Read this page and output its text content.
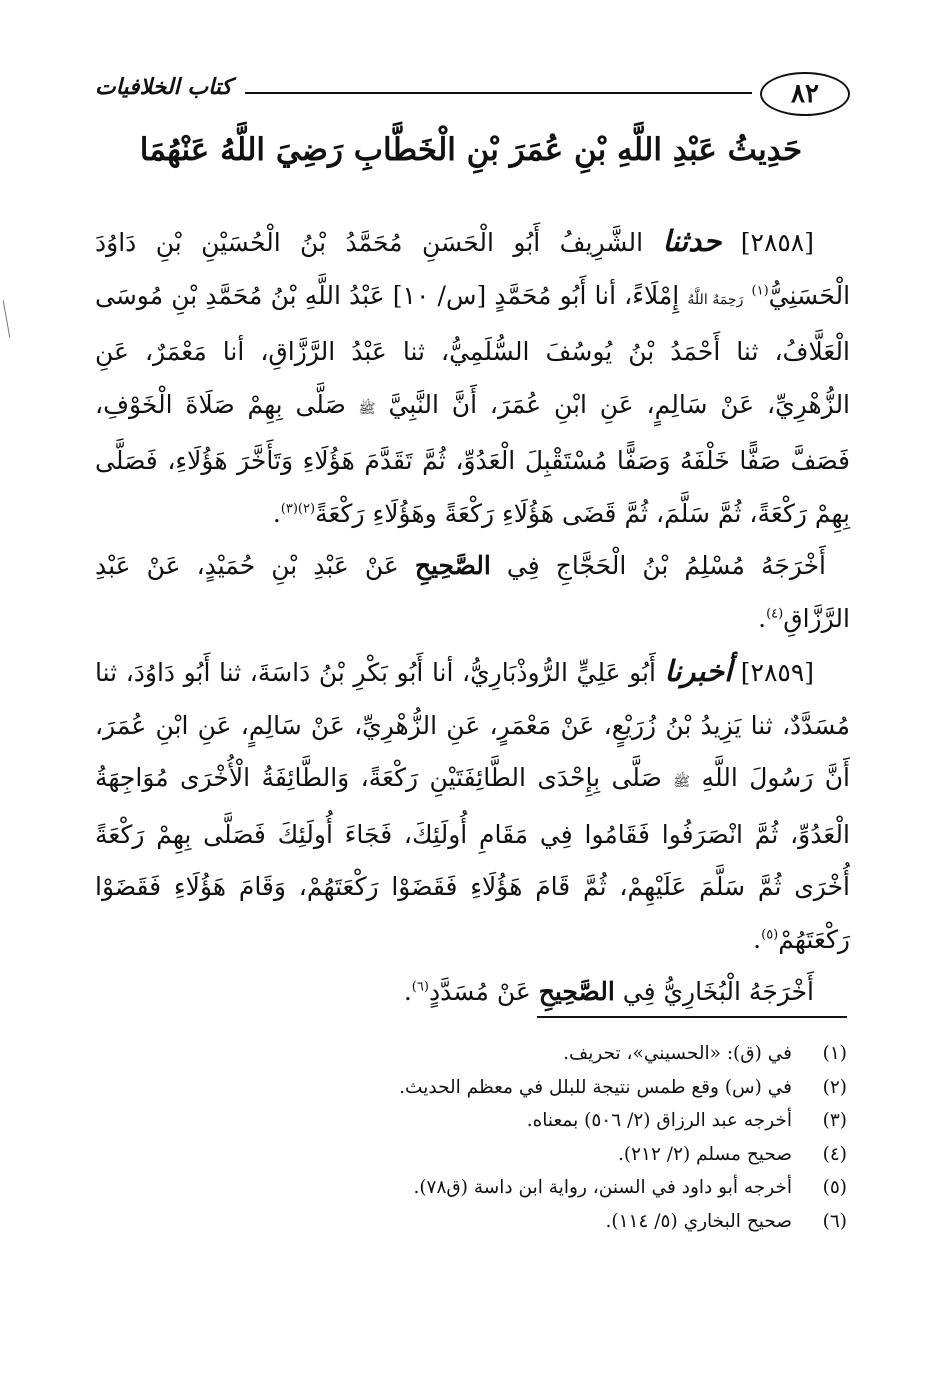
٨٢
كتاب الخلافيات
حَدِيثُ عَبْدِ اللَّهِ بْنِ عُمَرَ بْنِ الْخَطَّابِ رَضِيَ اللَّهُ عَنْهُمَا

[٢٨٥٨] حدثنا الشَّرِيفُ أَبُو الْحَسَنِ مُحَمَّدُ بْنُ الْحُسَيْنِ بْنِ دَاوُدَ الْحَسَنِيُّ$^{(١)}$ رَحِمَهُ اللَّهُ إِمْلَاءً، أنا أَبُو مُحَمَّدٍ [س/ ١٠] عَبْدُ اللَّهِ بْنُ مُحَمَّدِ بْنِ مُوسَى الْعَلَّافُ، ثنا أَحْمَدُ بْنُ يُوسُفَ السُّلَمِيُّ، ثنا عَبْدُ الرَّزَّاقِ، أنا مَعْمَرٌ، عَنِ الزُّهْرِيِّ، عَنْ سَالِمٍ، عَنِ ابْنِ عُمَرَ، أَنَّ النَّبِيَّ ﷺ صَلَّى بِهِمْ صَلَاةَ الْخَوْفِ، فَصَفَّ صَفًّا خَلْفَهُ وَصَفًّا مُسْتَقْبِلَ الْعَدُوِّ، ثُمَّ تَقَدَّمَ هَؤُلَاءِ وَتَأَخَّرَ هَؤُلَاءِ، فَصَلَّى بِهِمْ رَكْعَةً، ثُمَّ سَلَّمَ، ثُمَّ قَضَى هَؤُلَاءِ رَكْعَةً وهَؤُلَاءِ رَكْعَةً$^{(٢)(٣)}$.

أَخْرَجَهُ مُسْلِمُ بْنُ الْحَجَّاجِ فِي الصَّحِيحِ عَنْ عَبْدِ بْنِ حُمَيْدٍ، عَنْ عَبْدِ الرَّزَّاقِ$^{(٤)}$.

[٢٨٥٩] أخبرنا أَبُو عَلِيٍّ الرُّوذْبَارِيُّ، أنا أَبُو بَكْرِ بْنُ دَاسَةَ، ثنا أَبُو دَاوُدَ، ثنا مُسَدَّدٌ، ثنا يَزِيدُ بْنُ زُرَيْعٍ، عَنْ مَعْمَرٍ، عَنِ الزُّهْرِيِّ، عَنْ سَالِمٍ، عَنِ ابْنِ عُمَرَ، أَنَّ رَسُولَ اللَّهِ ﷺ صَلَّى بِإِحْدَى الطَّائِفَتَيْنِ رَكْعَةً، وَالطَّائِفَةُ الْأُخْرَى مُوَاجِهَةُ الْعَدُوِّ، ثُمَّ انْصَرَفُوا فَقَامُوا فِي مَقَامِ أُولَئِكَ، فَجَاءَ أُولَئِكَ فَصَلَّى بِهِمْ رَكْعَةً أُخْرَى ثُمَّ سَلَّمَ عَلَيْهِمْ، ثُمَّ قَامَ هَؤُلَاءِ فَقَضَوْا رَكْعَتَهُمْ، وَقَامَ هَؤُلَاءِ فَقَضَوْا رَكْعَتَهُمْ$^{(٥)}$.

أَخْرَجَهُ الْبُخَارِيُّ فِي الصَّحِيحِ عَنْ مُسَدَّدٍ$^{(٦)}$.

(١)في (ق): «الحسيني»، تحريف.
(٢)في (س) وقع طمس نتيجة للبلل في معظم الحديث.
(٣)أخرجه عبد الرزاق (٢/ ٥٠٦) بمعناه.
(٤)صحيح مسلم (٢/ ٢١٢).
(٥)أخرجه أبو داود في السنن، رواية ابن داسة (ق٧٨).
(٦)صحيح البخاري (٥/ ١١٤).
